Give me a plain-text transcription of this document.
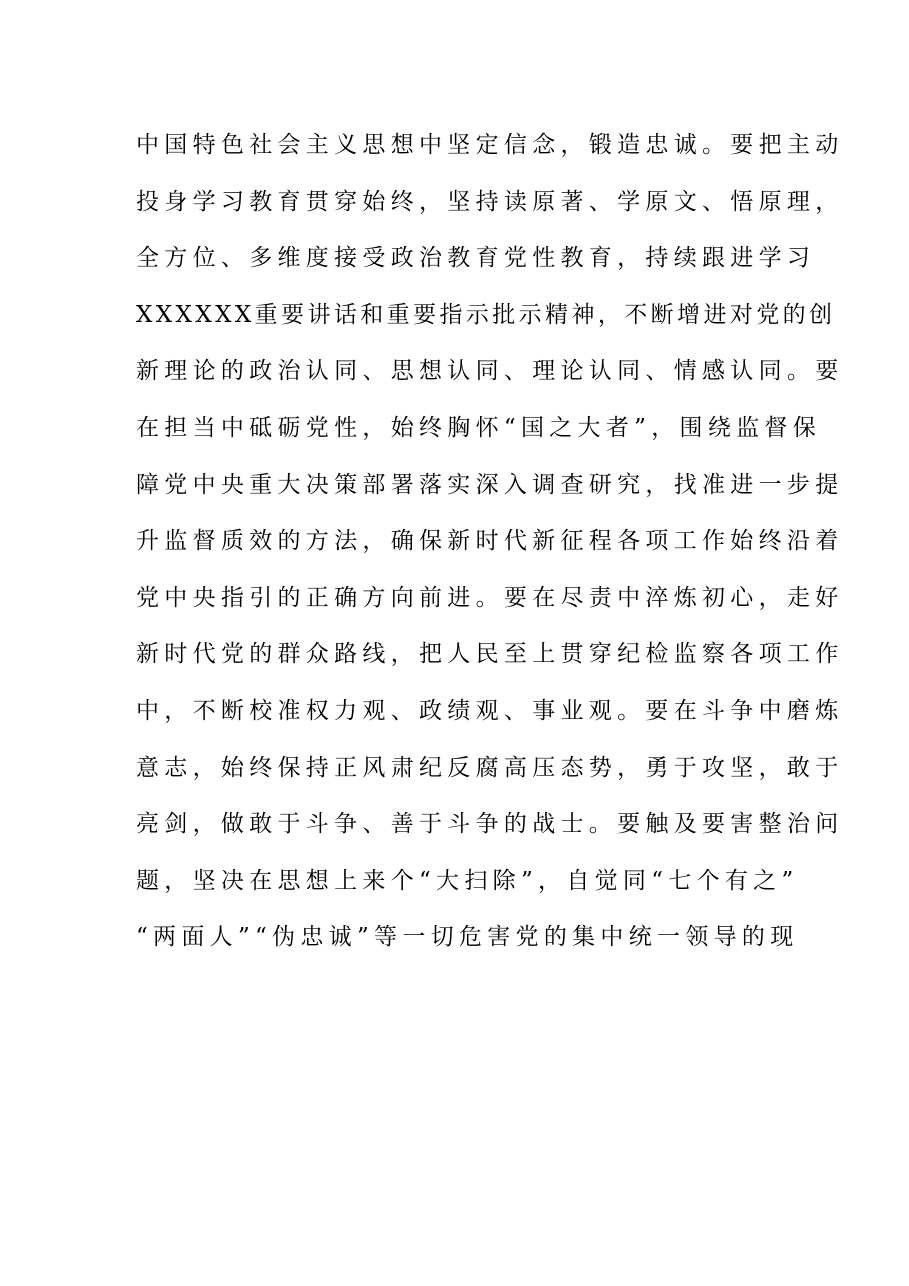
中国特色社会主义思想中坚定信念，锻造忠诚。要把主动
投身学习教育贯穿始终，坚持读原著、学原文、悟原理，
全方位、多维度接受政治教育党性教育，持续跟进学习
XXXXXX重要讲话和重要指示批示精神，不断增进对党的创
新理论的政治认同、思想认同、理论认同、情感认同。要
在担当中砥砺党性，始终胸怀“国之大者”，围绕监督保
障党中央重大决策部署落实深入调查研究，找准进一步提
升监督质效的方法，确保新时代新征程各项工作始终沿着
党中央指引的正确方向前进。要在尽责中淬炼初心，走好
新时代党的群众路线，把人民至上贯穿纪检监察各项工作
中，不断校准权力观、政绩观、事业观。要在斗争中磨炼
意志，始终保持正风肃纪反腐高压态势，勇于攻坚，敢于
亮剑，做敢于斗争、善于斗争的战士。要触及要害整治问
题，坚决在思想上来个“大扫除”，自觉同“七个有之”
“两面人”“伪忠诚”等一切危害党的集中统一领导的现
